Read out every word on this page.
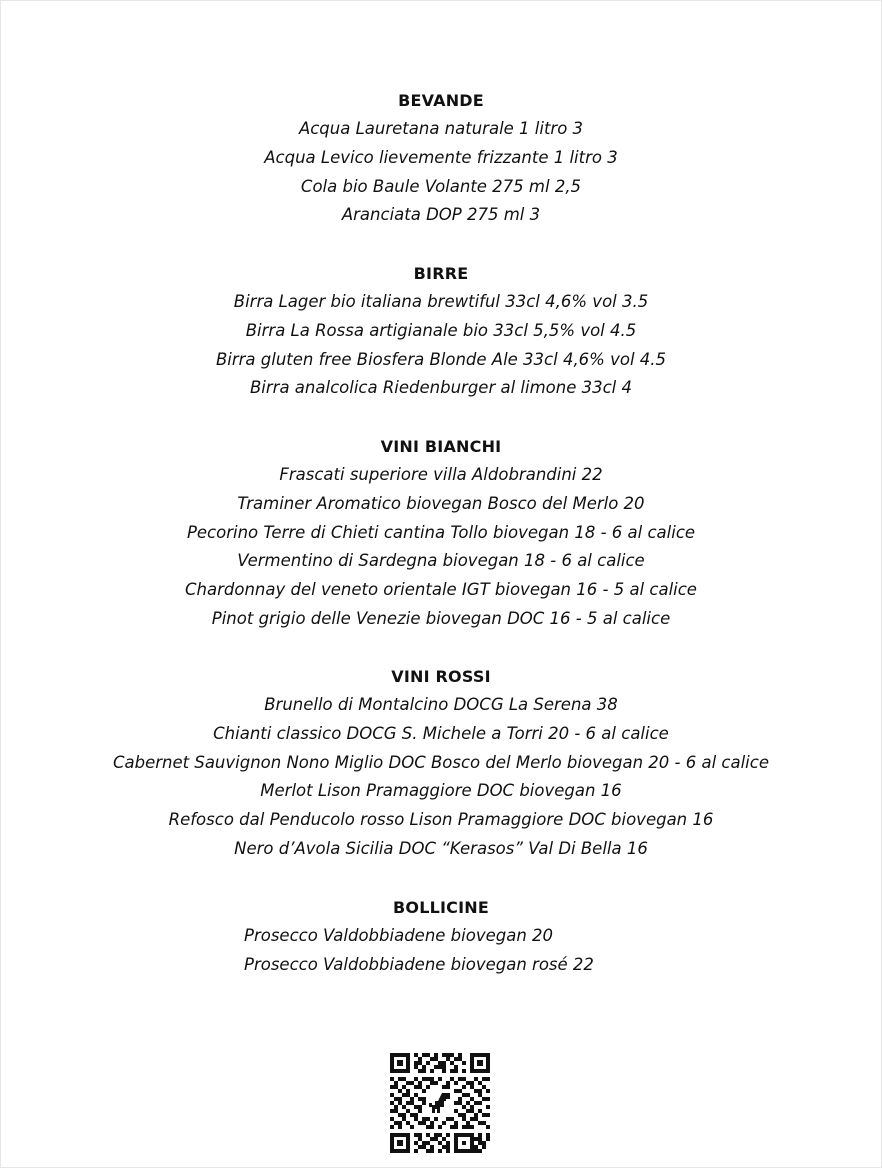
BEVANDE
Acqua Lauretana naturale 1 litro 3
Acqua Levico lievemente frizzante 1 litro 3
Cola bio Baule Volante 275 ml 2,5
Aranciata DOP 275 ml 3
BIRRE
Birra Lager bio italiana brewtiful 33cl 4,6% vol 3.5
Birra La Rossa artigianale bio 33cl 5,5% vol 4.5
Birra gluten free Biosfera Blonde Ale 33cl 4,6% vol 4.5
Birra analcolica Riedenburger al limone 33cl 4
VINI BIANCHI
Frascati superiore villa Aldobrandini 22
Traminer Aromatico biovegan Bosco del Merlo 20
Pecorino Terre di Chieti cantina Tollo biovegan 18 - 6 al calice
Vermentino di Sardegna biovegan 18 - 6 al calice
Chardonnay del veneto orientale IGT biovegan 16 - 5 al calice
Pinot grigio delle Venezie biovegan DOC 16 - 5 al calice
VINI ROSSI
Brunello di Montalcino DOCG La Serena 38
Chianti classico DOCG S. Michele a Torri 20 - 6 al calice
Cabernet Sauvignon Nono Miglio DOC Bosco del Merlo biovegan 20 - 6 al calice
Merlot Lison Pramaggiore DOC biovegan 16
Refosco dal Penducolo rosso Lison Pramaggiore DOC biovegan 16
Nero d’Avola Sicilia DOC “Kerasos” Val Di Bella 16
BOLLICINE
Prosecco Valdobbiadene biovegan 20
Prosecco Valdobbiadene biovegan rosé 22
